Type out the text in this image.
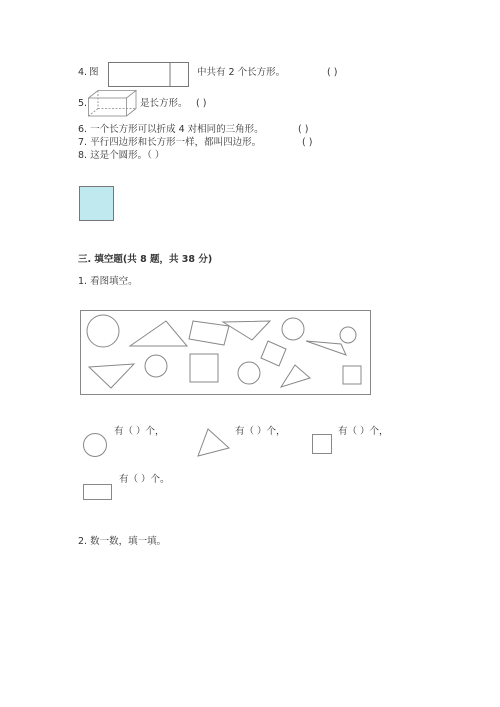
4. 图	中共有 2 个长方形。	( )
5.	是长方形。 ( )
6. 一个长方形可以折成 4 对相同的三角形。	( )
7. 平行四边形和长方形一样，都叫四边形。	( )
8. 这是个圆形。（ ）
三. 填空题(共 8 题，共 38 分)
1. 看图填空。
有（ ）个，	有（ ）个，	有（ ）个，
有（ ）个。
2. 数一数，填一填。
